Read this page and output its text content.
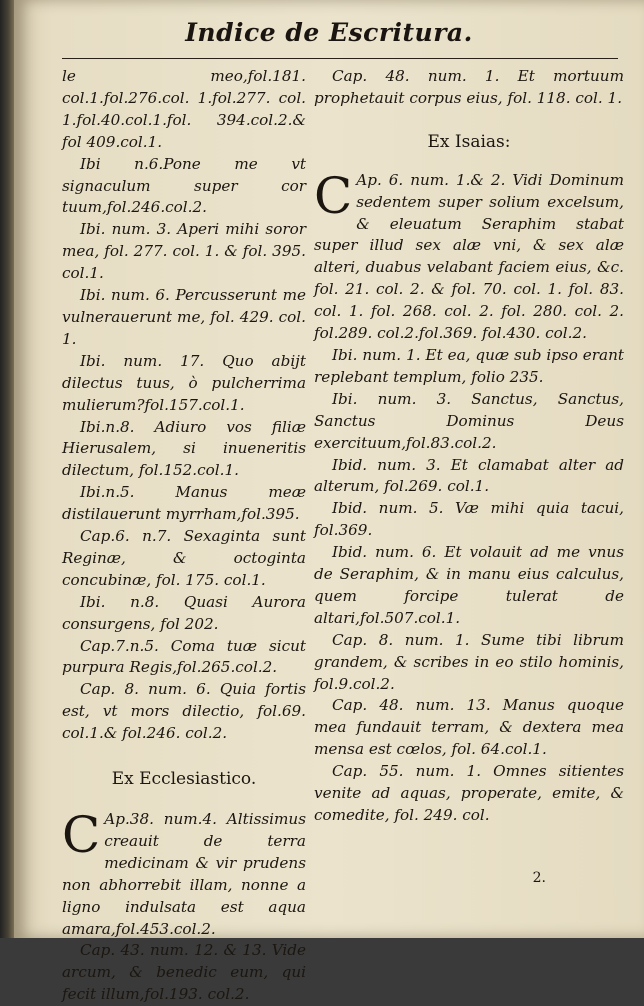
Indice de Escritura.

le meo,fol.181. col.1.fol.276.col. 1.fol.277. col. 1.fol.40.col.1.fol. 394.col.2.& fol 409.col.1.

Ibi n.6.Pone me vt signaculum super cor tuum,fol.246.col.2.

Ibi. num. 3. Aperi mihi soror mea, fol. 277. col. 1. & fol. 395. col.1.

Ibi. num. 6. Percusserunt me vulnerauerunt me, fol. 429. col. 1.

Ibi. num. 17. Quo abijt dilectus tuus, ò pulcherrima mulierum?fol.157.col.1.

Ibi.n.8. Adiuro vos filiæ Hierusalem, si inueneritis dilectum, fol.152.col.1.

Ibi.n.5. Manus meæ distilauerunt myrrham,fol.395.

Cap.6. n.7. Sexaginta sunt Reginæ, & octoginta concubinæ, fol. 175. col.1.

Ibi. n.8. Quasi Aurora consurgens, fol 202.

Cap.7.n.5. Coma tuæ sicut purpura Regis,fol.265.col.2.

Cap. 8. num. 6. Quia fortis est, vt mors dilectio, fol.69. col.1.& fol.246. col.2.

Ex Ecclesiastico.

C Ap.38. num.4. Altissimus creauit de terra medicinam & vir prudens non abhorrebit illam, nonne a ligno indulsata est aqua amara,fol.453.col.2.

Cap. 43. num. 12. & 13. Vide arcum, & benedic eum, qui fecit illum,fol.193. col.2.

Cap. 48. num. 1. Et mortuum prophetauit corpus eius, fol. 118. col. 1.

Ex Isaias:

C Ap. 6. num. 1.& 2. Vidi Dominum sedentem super solium excelsum, & eleuatum Seraphim stabat super illud sex alæ vni, & sex alæ alteri, duabus velabant faciem eius, &c. fol. 21. col. 2. & fol. 70. col. 1. fol. 83. col. 1. fol. 268. col. 2. fol. 280. col. 2. fol.289. col.2.fol.369. fol.430. col.2.

Ibi. num. 1. Et ea, quæ sub ipso erant replebant templum, folio 235.

Ibi. num. 3. Sanctus, Sanctus, Sanctus Dominus Deus exercituum,fol.83.col.2.

Ibid. num. 3. Et clamabat alter ad alterum, fol.269. col.1.

Ibid. num. 5. Væ mihi quia tacui, fol.369.

Ibid. num. 6. Et volauit ad me vnus de Seraphim, & in manu eius calculus, quem forcipe tulerat de altari,fol.507.col.1.

Cap. 8. num. 1. Sume tibi librum grandem, & scribes in eo stilo hominis, fol.9.col.2.

Cap. 48. num. 13. Manus quoque mea fundauit terram, & dextera mea mensa est cœlos, fol. 64.col.1.

Cap. 55. num. 1. Omnes sitientes venite ad aquas, properate, emite, & comedite, fol. 249. col.

2.
